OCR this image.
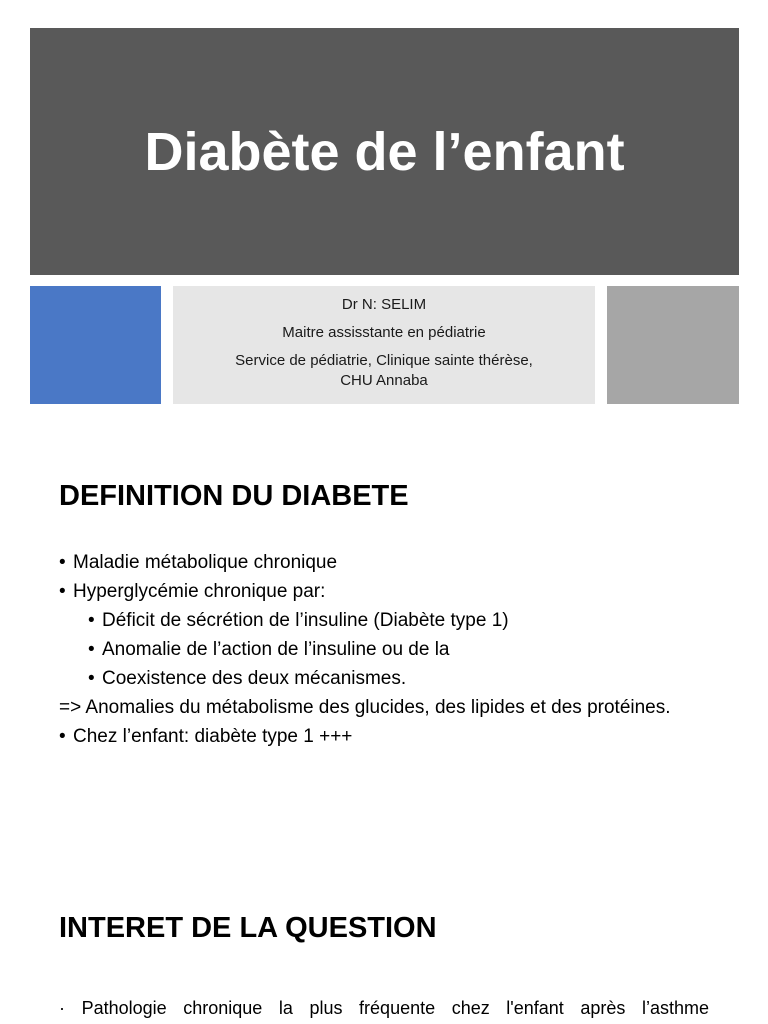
Diabète de l’enfant
Dr N: SELIM
Maitre assisstante en pédiatrie
Service de pédiatrie, Clinique sainte thérèse,
CHU Annaba
DEFINITION DU DIABETE
• Maladie métabolique chronique
• Hyperglycémie chronique par:
• Déficit de sécrétion de l’insuline (Diabète type 1)
• Anomalie de l’action de l’insuline ou de la
• Coexistence des deux mécanismes.
=> Anomalies du métabolisme des glucides, des lipides et des protéines.
• Chez l’enfant: diabète type 1 +++
INTERET DE LA QUESTION
· Pathologie chronique la plus fréquente chez l'enfant après l’asthme
